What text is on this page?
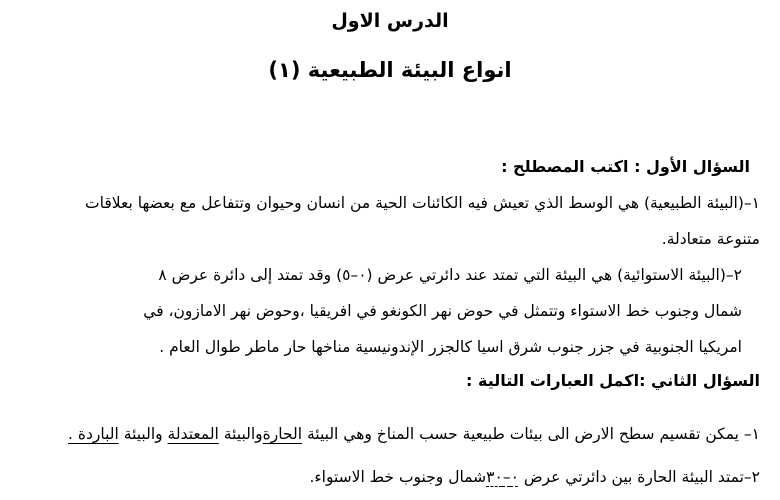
الدرس الاول
انواع البيئة الطبيعية (١)
السؤال الأول : اكتب المصطلح :
١–(البيئة الطبيعية) هي الوسط الذي تعيش فيه الكائنات الحية من انسان وحيوان وتتفاعل مع بعضها بعلاقات
متنوعة متعادلة.
٢–(البيئة الاستوائية) هي البيئة التي تمتد عند دائرتي عرض (٠–٥) وقد تمتد إلى دائرة عرض ٨
شمال وجنوب خط الاستواء وتتمثل في حوض نهر الكونغو في افريقيا ،وحوض نهر الامازون، في
امريكيا الجنوبية في جزر جنوب شرق اسيا كالجزر الإندونيسية مناخها حار ماطر طوال العام .
السؤال الثاني :اكمل العبارات التالية :
١– يمكن تقسيم سطح الارض الى بيئات طبيعية حسب المناخ وهي البيئة الحارةوالبيئة المعتدلة والبيئة الباردة .
٢–تمتد البيئة الحارة بين دائرتي عرض ٠–٣٠شمال وجنوب خط الاستواء.
